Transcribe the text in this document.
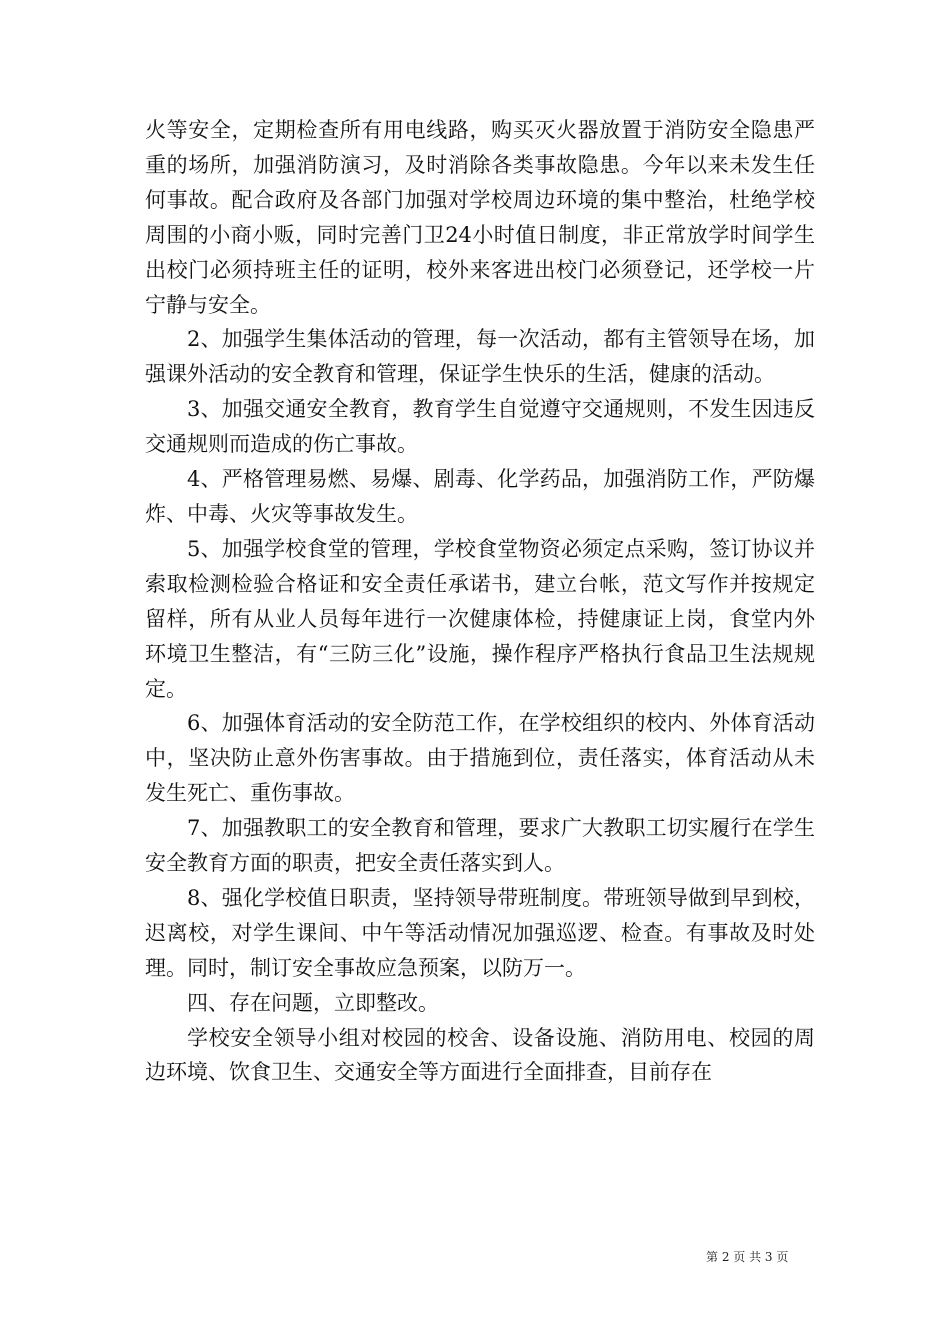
火等安全，定期检查所有用电线路，购买灭火器放置于消防安全隐患严重的场所，加强消防演习，及时消除各类事故隐患。今年以来未发生任何事故。配合政府及各部门加强对学校周边环境的集中整治，杜绝学校周围的小商小贩，同时完善门卫24小时值日制度，非正常放学时间学生出校门必须持班主任的证明，校外来客进出校门必须登记，还学校一片宁静与安全。

2、加强学生集体活动的管理，每一次活动，都有主管领导在场，加强课外活动的安全教育和管理，保证学生快乐的生活，健康的活动。

3、加强交通安全教育，教育学生自觉遵守交通规则，不发生因违反交通规则而造成的伤亡事故。

4、严格管理易燃、易爆、剧毒、化学药品，加强消防工作，严防爆炸、中毒、火灾等事故发生。

5、加强学校食堂的管理，学校食堂物资必须定点采购，签订协议并索取检测检验合格证和安全责任承诺书，建立台帐，范文写作并按规定留样，所有从业人员每年进行一次健康体检，持健康证上岗，食堂内外环境卫生整洁，有“三防三化”设施，操作程序严格执行食品卫生法规规定。

6、加强体育活动的安全防范工作，在学校组织的校内、外体育活动中，坚决防止意外伤害事故。由于措施到位，责任落实，体育活动从未发生死亡、重伤事故。

7、加强教职工的安全教育和管理，要求广大教职工切实履行在学生安全教育方面的职责，把安全责任落实到人。

8、强化学校值日职责，坚持领导带班制度。带班领导做到早到校，迟离校，对学生课间、中午等活动情况加强巡逻、检查。有事故及时处理。同时，制订安全事故应急预案，以防万一。

四、存在问题，立即整改。

学校安全领导小组对校园的校舍、设备设施、消防用电、校园的周边环境、饮食卫生、交通安全等方面进行全面排查，目前存在

第 2 页 共 3 页
